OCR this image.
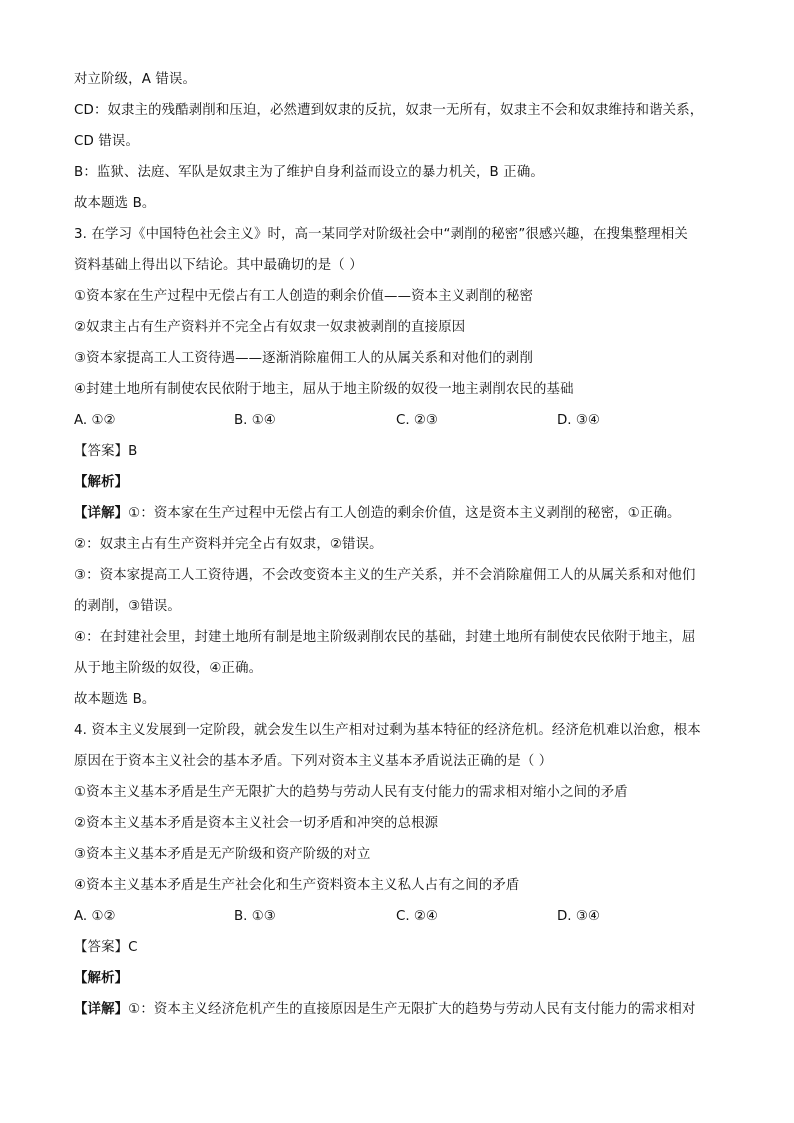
对立阶级，A 错误。
CD：奴隶主的残酷剥削和压迫，必然遭到奴隶的反抗，奴隶一无所有，奴隶主不会和奴隶维持和谐关系，
CD 错误。
B：监狱、法庭、军队是奴隶主为了维护自身利益而设立的暴力机关，B 正确。
故本题选 B。
3. 在学习《中国特色社会主义》时，高一某同学对阶级社会中“剥削的秘密”很感兴趣，在搜集整理相关
资料基础上得出以下结论。其中最确切的是（ ）
①资本家在生产过程中无偿占有工人创造的剩余价值——资本主义剥削的秘密
②奴隶主占有生产资料并不完全占有奴隶一奴隶被剥削的直接原因
③资本家提高工人工资待遇——逐渐消除雇佣工人的从属关系和对他们的剥削
④封建土地所有制使农民依附于地主，屈从于地主阶级的奴役一地主剥削农民的基础
A. ①②	B. ①④	C. ②③	D. ③④
【答案】B
【解析】
【详解】①：资本家在生产过程中无偿占有工人创造的剩余价值，这是资本主义剥削的秘密，①正确。
②：奴隶主占有生产资料并完全占有奴隶，②错误。
③：资本家提高工人工资待遇，不会改变资本主义的生产关系，并不会消除雇佣工人的从属关系和对他们
的剥削，③错误。
④：在封建社会里，封建土地所有制是地主阶级剥削农民的基础，封建土地所有制使农民依附于地主，屈
从于地主阶级的奴役，④正确。
故本题选 B。
4. 资本主义发展到一定阶段，就会发生以生产相对过剩为基本特征的经济危机。经济危机难以治愈，根本
原因在于资本主义社会的基本矛盾。下列对资本主义基本矛盾说法正确的是（ ）
①资本主义基本矛盾是生产无限扩大的趋势与劳动人民有支付能力的需求相对缩小之间的矛盾
②资本主义基本矛盾是资本主义社会一切矛盾和冲突的总根源
③资本主义基本矛盾是无产阶级和资产阶级的对立
④资本主义基本矛盾是生产社会化和生产资料资本主义私人占有之间的矛盾
A. ①②	B. ①③	C. ②④	D. ③④
【答案】C
【解析】
【详解】①：资本主义经济危机产生的直接原因是生产无限扩大的趋势与劳动人民有支付能力的需求相对
